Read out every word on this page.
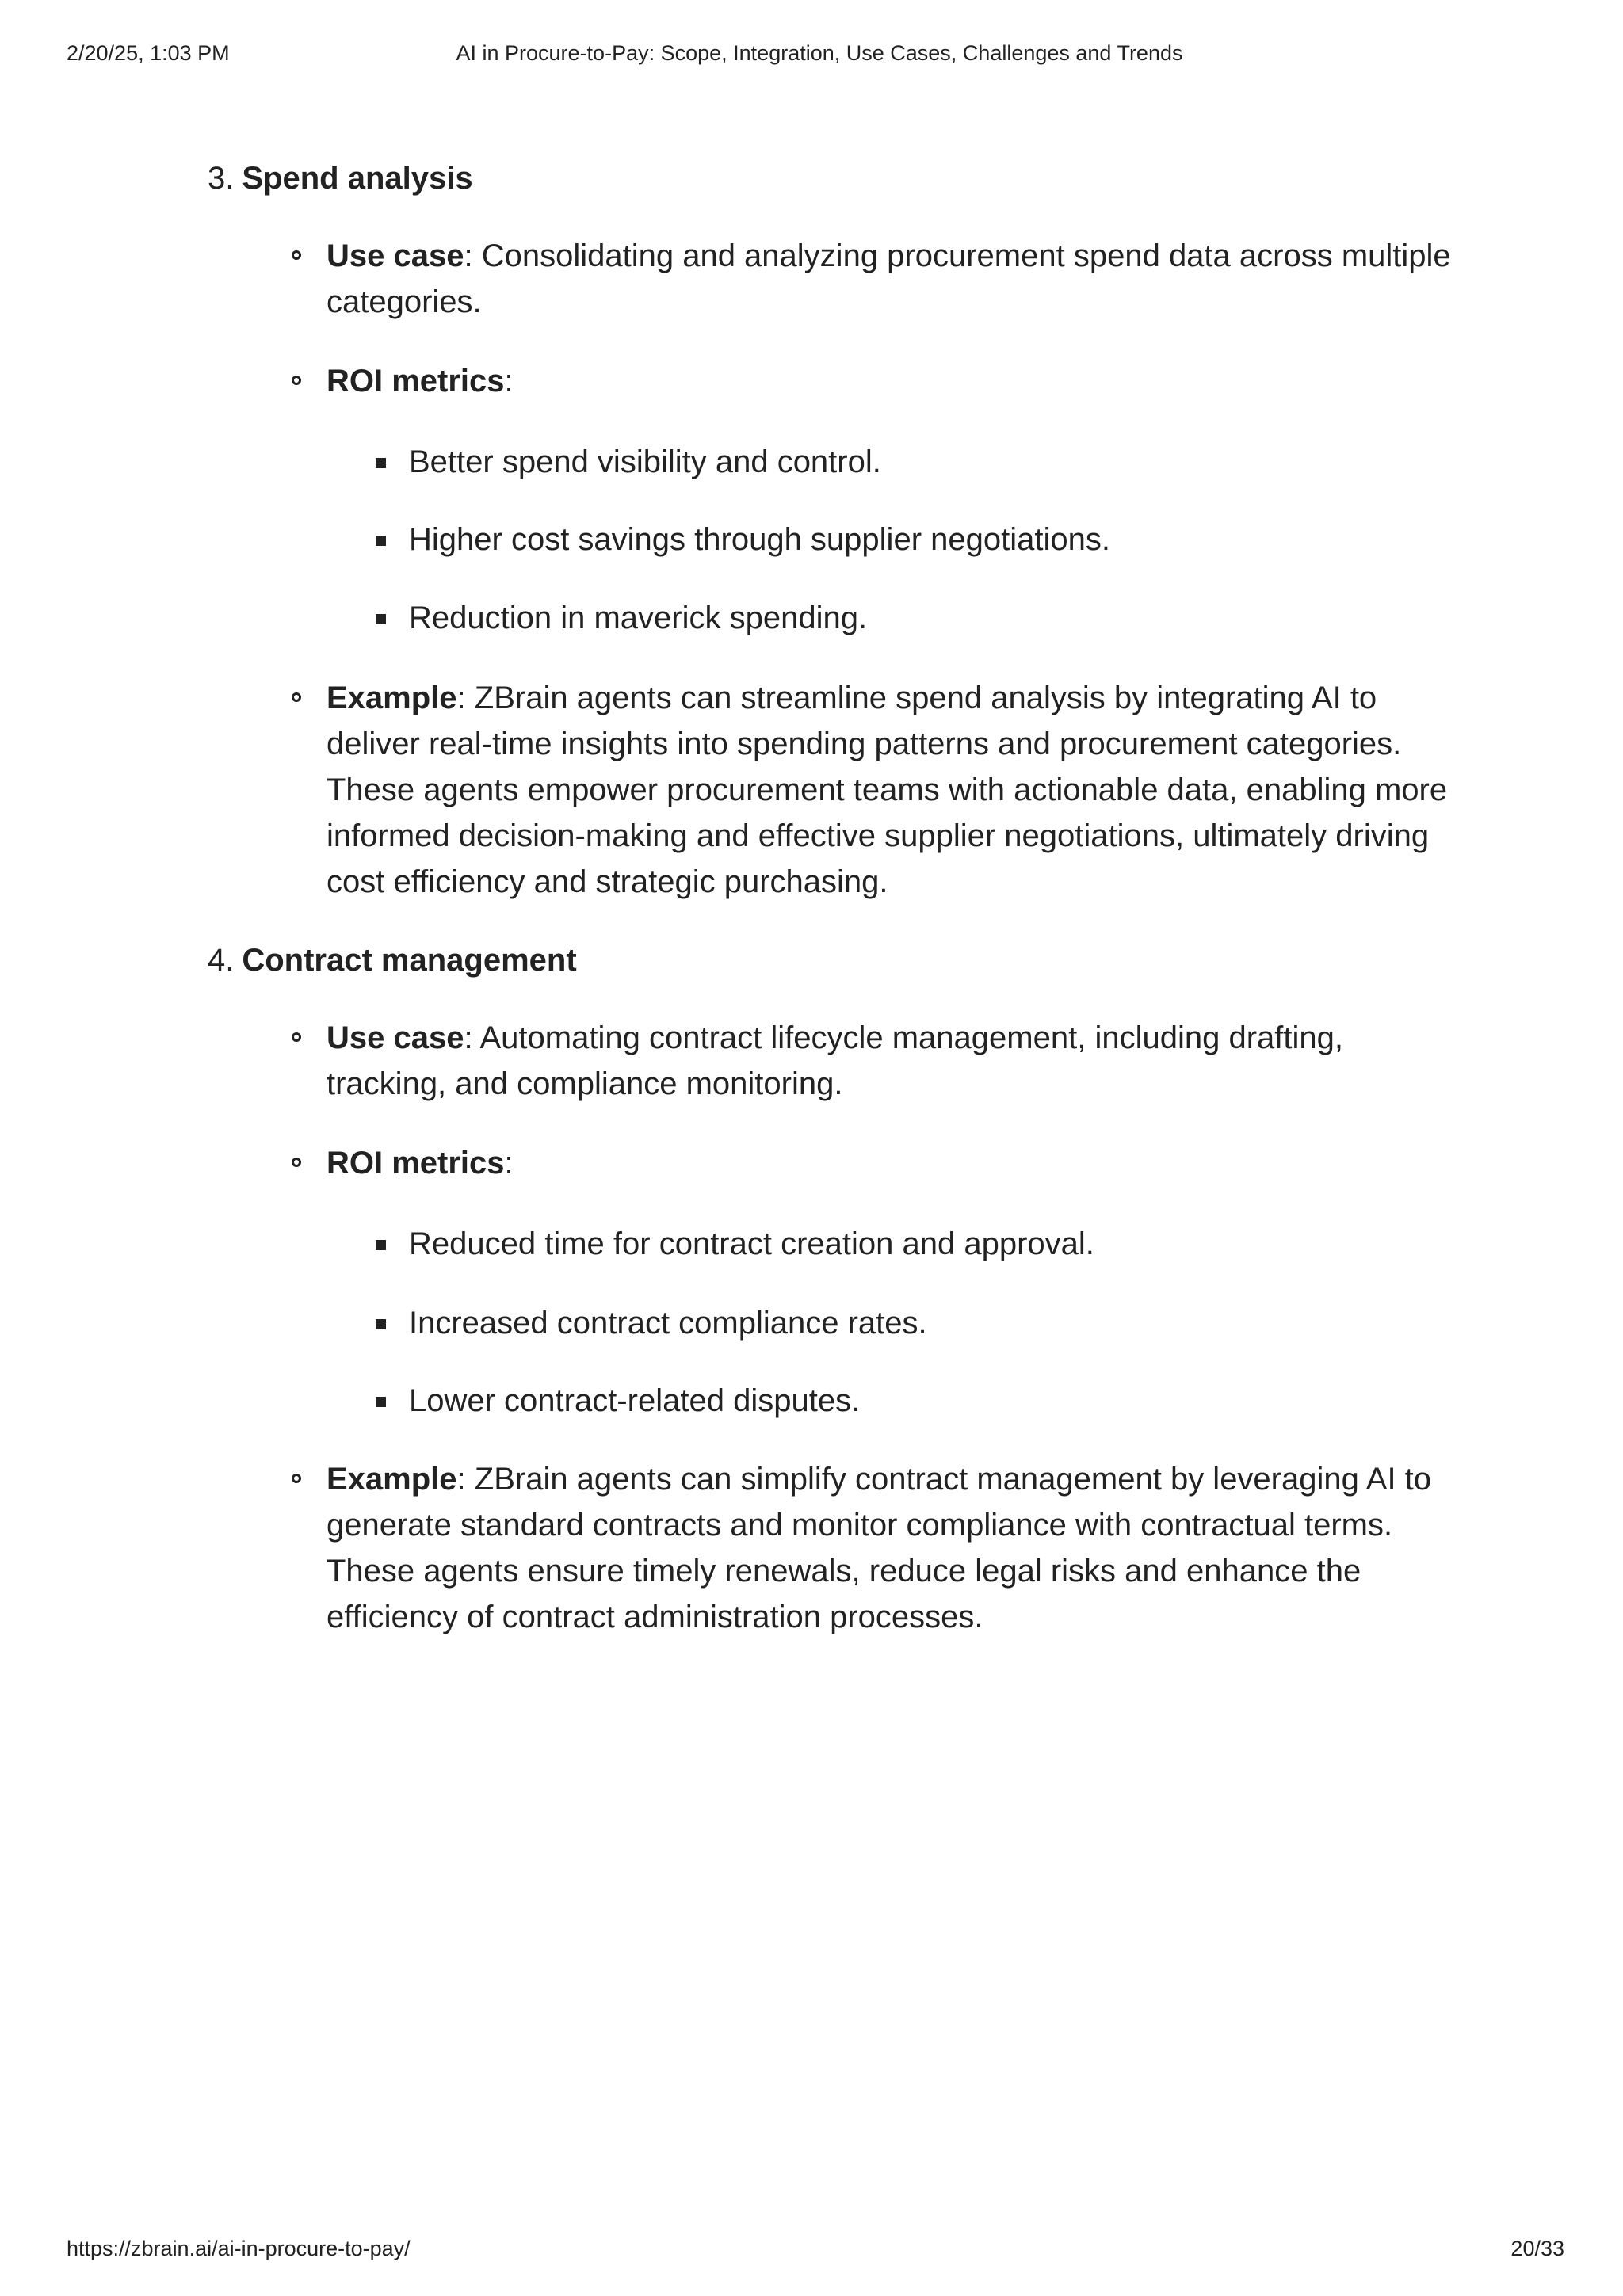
2/20/25, 1:03 PM	AI in Procure-to-Pay: Scope, Integration, Use Cases, Challenges and Trends
3. Spend analysis
Use case: Consolidating and analyzing procurement spend data across multiple categories.
ROI metrics:
Better spend visibility and control.
Higher cost savings through supplier negotiations.
Reduction in maverick spending.
Example: ZBrain agents can streamline spend analysis by integrating AI to deliver real-time insights into spending patterns and procurement categories. These agents empower procurement teams with actionable data, enabling more informed decision-making and effective supplier negotiations, ultimately driving cost efficiency and strategic purchasing.
4. Contract management
Use case: Automating contract lifecycle management, including drafting, tracking, and compliance monitoring.
ROI metrics:
Reduced time for contract creation and approval.
Increased contract compliance rates.
Lower contract-related disputes.
Example: ZBrain agents can simplify contract management by leveraging AI to generate standard contracts and monitor compliance with contractual terms. These agents ensure timely renewals, reduce legal risks and enhance the efficiency of contract administration processes.
https://zbrain.ai/ai-in-procure-to-pay/	20/33
